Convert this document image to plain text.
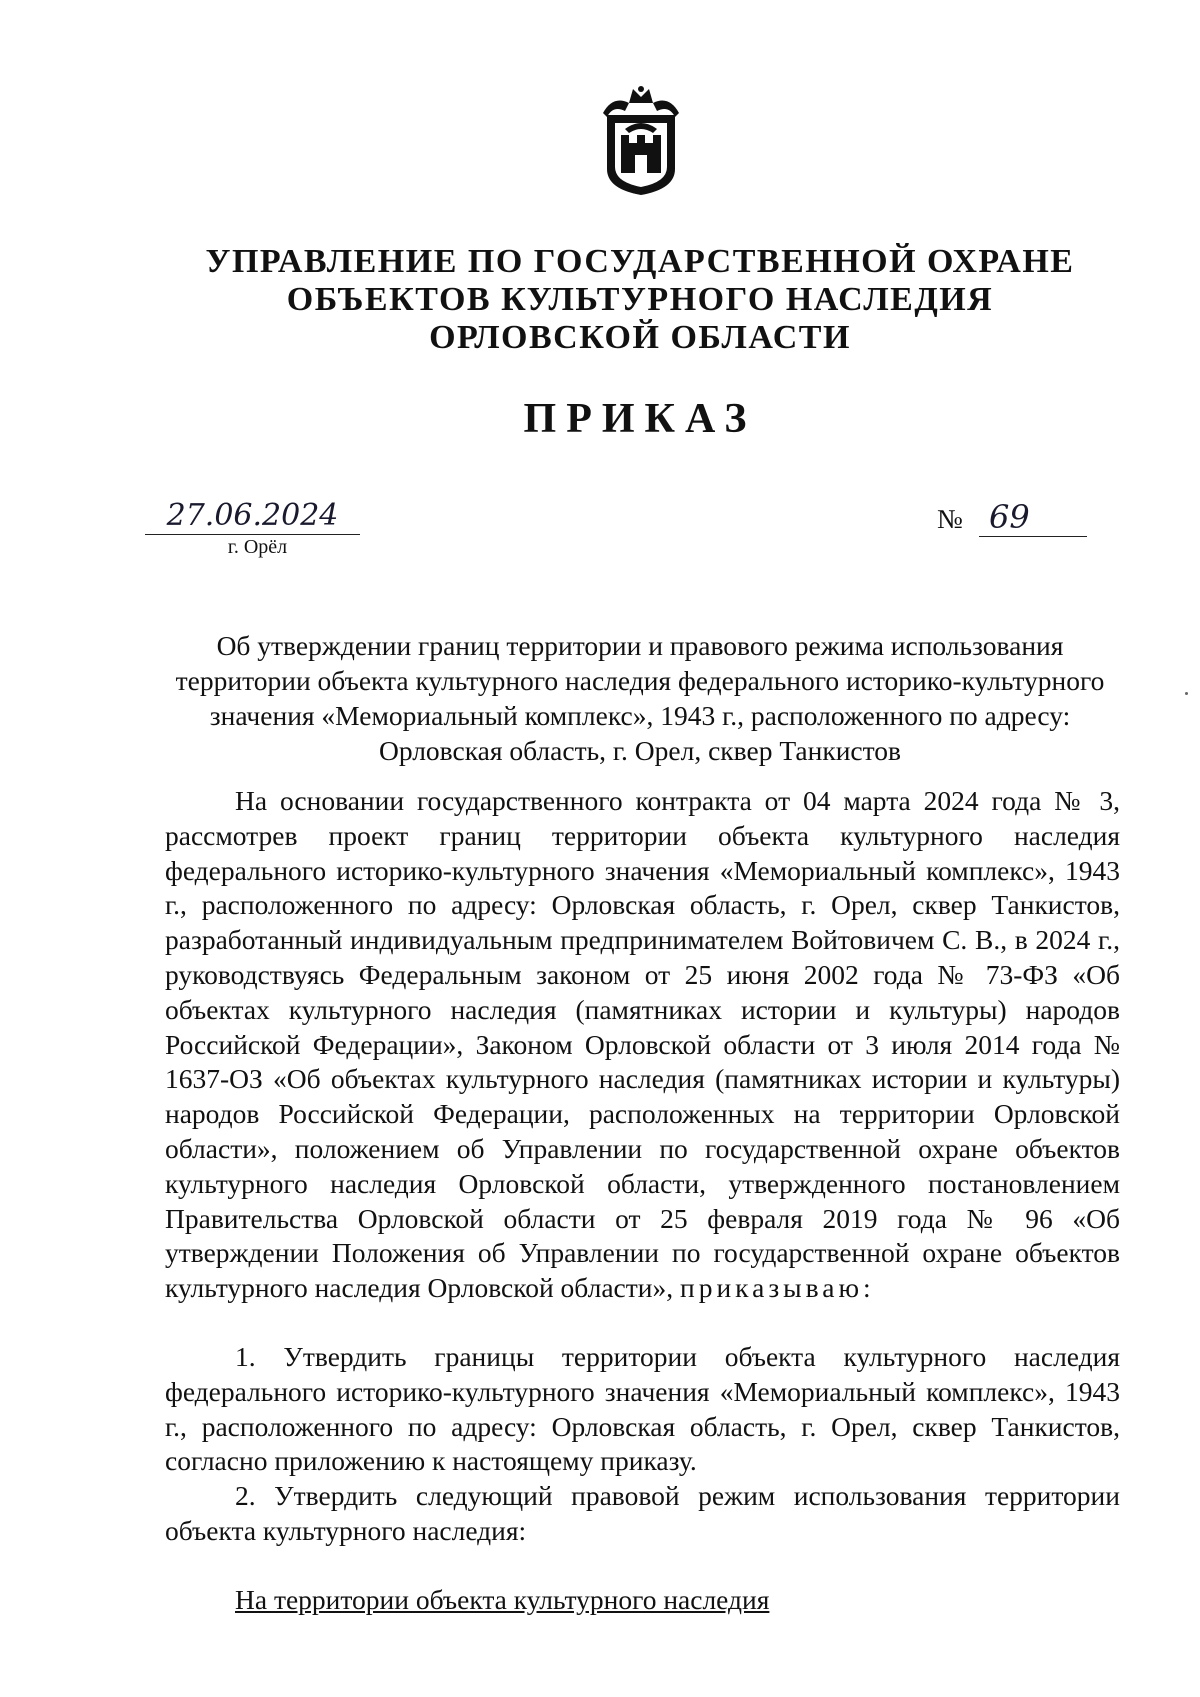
УПРАВЛЕНИЕ ПО ГОСУДАРСТВЕННОЙ ОХРАНЕ
ОБЪЕКТОВ КУЛЬТУРНОГО НАСЛЕДИЯ
ОРЛОВСКОЙ ОБЛАСТИ
ПРИКАЗ
27.06.2024
г. Орёл
№ 69
Об утверждении границ территории и правового режима использования
территории объекта культурного наследия федерального историко-культурного
значения «Мемориальный комплекс», 1943 г., расположенного по адресу:
Орловская область, г. Орел, сквер Танкистов

На основании государственного контракта от 04 марта 2024 года № 3, рассмотрев проект границ территории объекта культурного наследия федерального историко-культурного значения «Мемориальный комплекс», 1943 г., расположенного по адресу: Орловская область, г. Орел, сквер Танкистов, разработанный индивидуальным предпринимателем Войтовичем С. В., в 2024 г., руководствуясь Федеральным законом от 25 июня 2002 года № 73-ФЗ «Об объектах культурного наследия (памятниках истории и культуры) народов Российской Федерации», Законом Орловской области от 3 июля 2014 года № 1637-ОЗ «Об объектах культурного наследия (памятниках истории и культуры) народов Российской Федерации, расположенных на территории Орловской области», положением об Управлении по государственной охране объектов культурного наследия Орловской области, утвержденного постановлением Правительства Орловской области от 25 февраля 2019 года № 96 «Об утверждении Положения об Управлении по государственной охране объектов культурного наследия Орловской области», приказываю:

1. Утвердить границы территории объекта культурного наследия федерального историко-культурного значения «Мемориальный комплекс», 1943 г., расположенного по адресу: Орловская область, г. Орел, сквер Танкистов, согласно приложению к настоящему приказу.

2. Утвердить следующий правовой режим использования территории объекта культурного наследия:

На территории объекта культурного наследия
